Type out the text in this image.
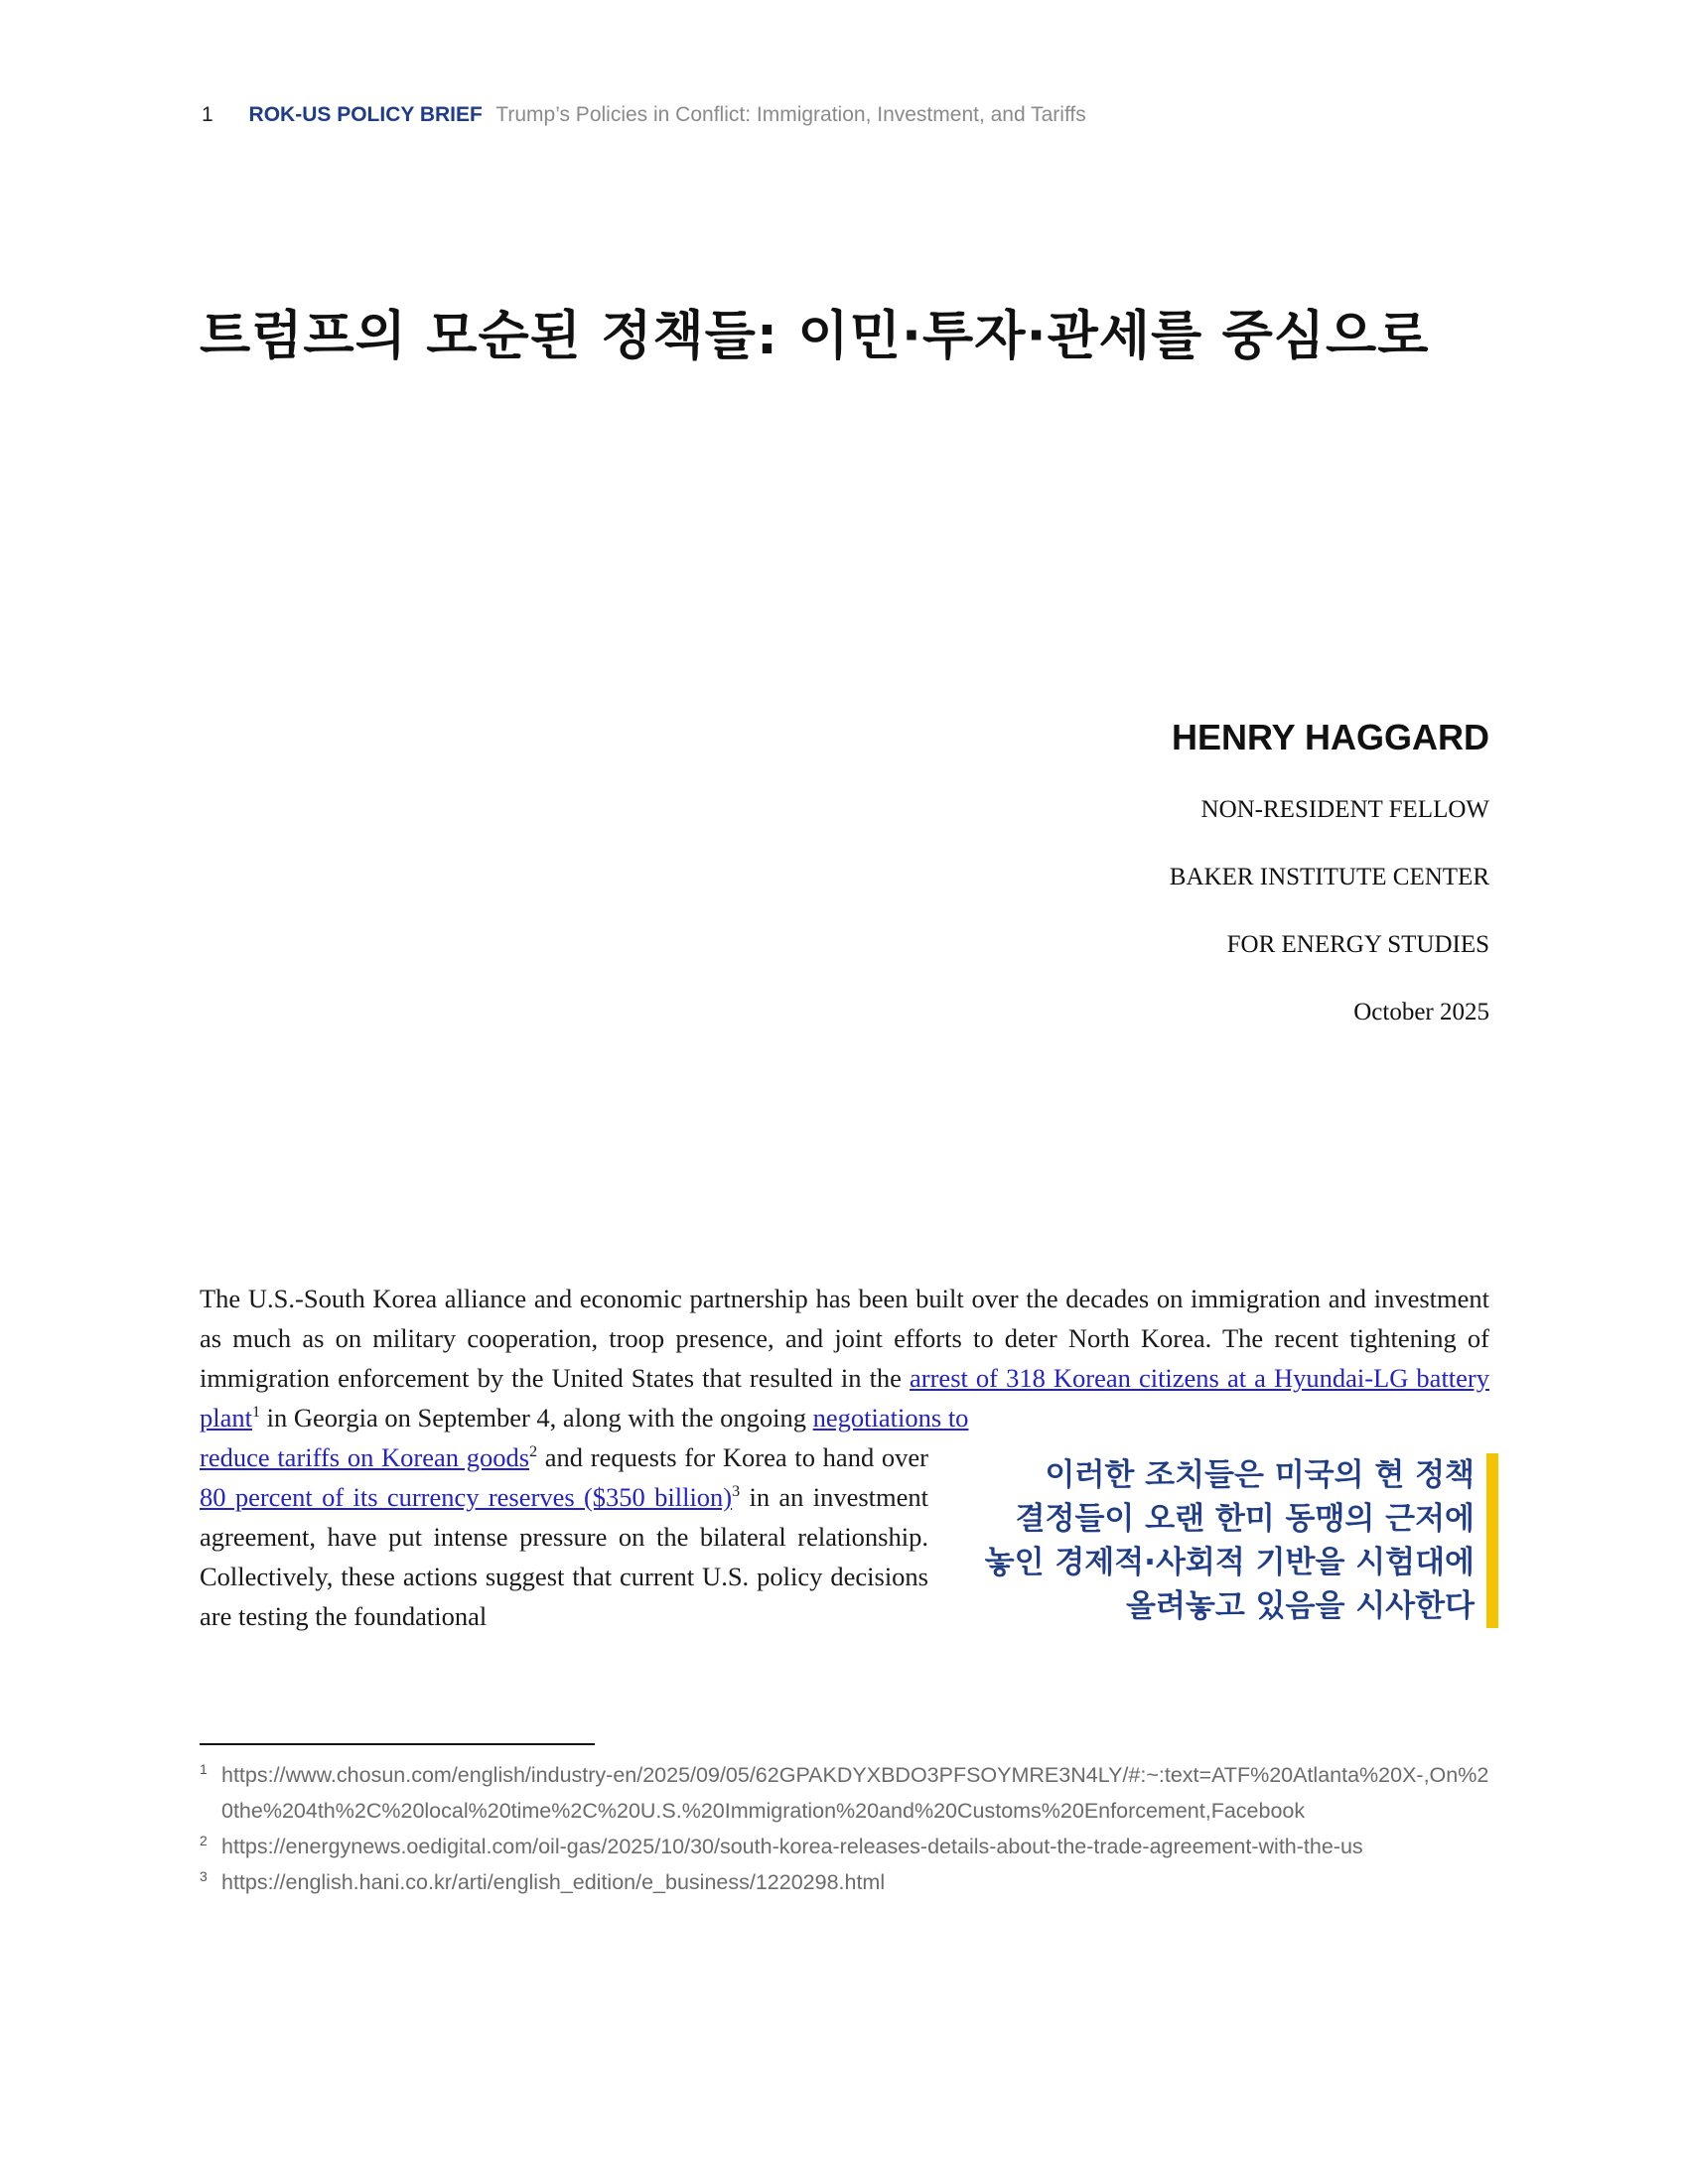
1 ROK-US POLICY BRIEF Trump’s Policies in Conflict: Immigration, Investment, and Tariffs
트럼프의 모순된 정책들: 이민·투자·관세를 중심으로

HENRY HAGGARD

NON-RESIDENT FELLOW

BAKER INSTITUTE CENTER

FOR ENERGY STUDIES

October 2025

The U.S.-South Korea alliance and economic partnership has been built over the decades on immigration and investment as much as on military cooperation, troop presence, and joint efforts to deter North Korea. The recent tightening of immigration enforcement by the United States that resulted in the arrest of 318 Korean citizens at a Hyundai-LG battery plant$^1$ in Georgia on September 4, along with the ongoing negotiations to

reduce tariffs on Korean goods$^2$ and requests for Korea to hand over 80 percent of its currency reserves ($350 billion)$^3$ in an investment agreement, have put intense pressure on the bilateral relationship. Collectively, these actions suggest that current U.S. policy decisions are testing the foundational

이러한 조치들은 미국의 현 정책
결정들이 오랜 한미 동맹의 근저에
놓인 경제적·사회적 기반을 시험대에
올려놓고 있음을 시사한다

1 https://www.chosun.com/english/industry-en/2025/09/05/62GPAKDYXBDO3PFSOYMRE3N4LY/#:~:text=ATF%20Atlanta%20X-,On%20the%204th%2C%20local%20time%2C%20U.S.%20Immigration%20and%20Customs%20Enforcement,Facebook

2 https://energynews.oedigital.com/oil-gas/2025/10/30/south-korea-releases-details-about-the-trade-agreement-with-the-us

3 https://english.hani.co.kr/arti/english_edition/e_business/1220298.html
